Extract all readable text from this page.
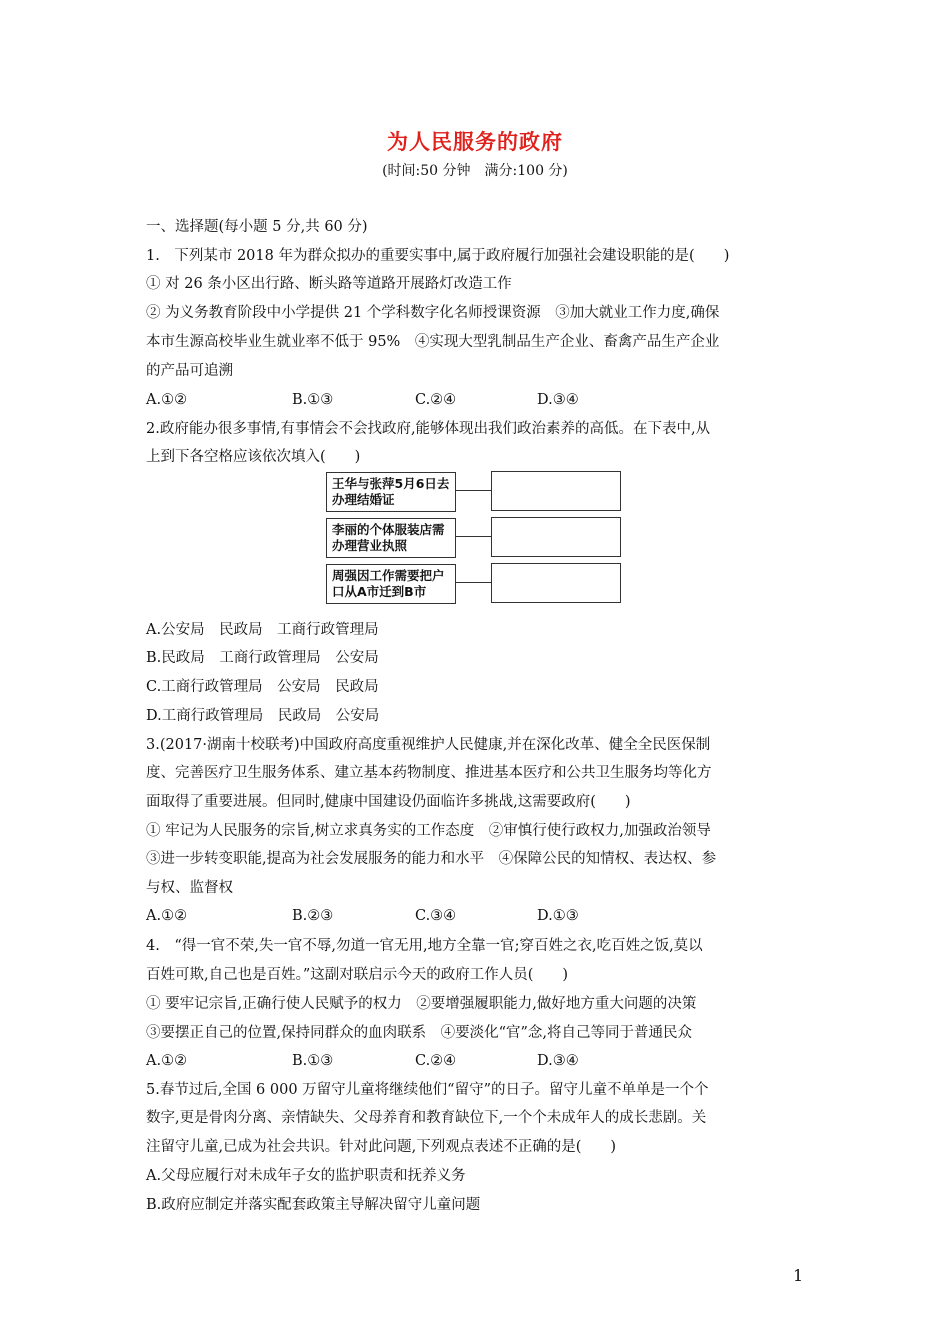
为人民服务的政府
(时间:50 分钟　满分:100 分)
一、选择题(每小题 5 分,共 60 分)
1.　下列某市 2018 年为群众拟办的重要实事中,属于政府履行加强社会建设职能的是(　　)
① 对 26 条小区出行路、断头路等道路开展路灯改造工作
② 为义务教育阶段中小学提供 21 个学科数字化名师授课资源　③加大就业工作力度,确保
本市生源高校毕业生就业率不低于 95%　④实现大型乳制品生产企业、畜禽产品生产企业
的产品可追溯
A.①②	B.①③	C.②④	D.③④
2.政府能办很多事情,有事情会不会找政府,能够体现出我们政治素养的高低。在下表中,从
上到下各空格应该依次填入(　　)
王华与张萍5月6日去办理结婚证
李丽的个体服装店需办理营业执照
周强因工作需要把户口从A市迁到B市
A.公安局　民政局　工商行政管理局
B.民政局　工商行政管理局　公安局
C.工商行政管理局　公安局　民政局
D.工商行政管理局　民政局　公安局
3.(2017·湖南十校联考)中国政府高度重视维护人民健康,并在深化改革、健全全民医保制
度、完善医疗卫生服务体系、建立基本药物制度、推进基本医疗和公共卫生服务均等化方
面取得了重要进展。但同时,健康中国建设仍面临许多挑战,这需要政府(　　)
① 牢记为人民服务的宗旨,树立求真务实的工作态度　②审慎行使行政权力,加强政治领导
③进一步转变职能,提高为社会发展服务的能力和水平　④保障公民的知情权、表达权、参
与权、监督权
A.①②	B.②③	C.③④	D.①③
4.　“得一官不荣,失一官不辱,勿道一官无用,地方全靠一官;穿百姓之衣,吃百姓之饭,莫以
百姓可欺,自己也是百姓。”这副对联启示今天的政府工作人员(　　)
① 要牢记宗旨,正确行使人民赋予的权力　②要增强履职能力,做好地方重大问题的决策
③要摆正自己的位置,保持同群众的血肉联系　④要淡化“官”念,将自己等同于普通民众
A.①②	B.①③	C.②④	D.③④
5.春节过后,全国 6 000 万留守儿童将继续他们“留守”的日子。留守儿童不单单是一个个
数字,更是骨肉分离、亲情缺失、父母养育和教育缺位下,一个个未成年人的成长悲剧。关
注留守儿童,已成为社会共识。针对此问题,下列观点表述不正确的是(　　)
A.父母应履行对未成年子女的监护职责和抚养义务
B.政府应制定并落实配套政策主导解决留守儿童问题
1
